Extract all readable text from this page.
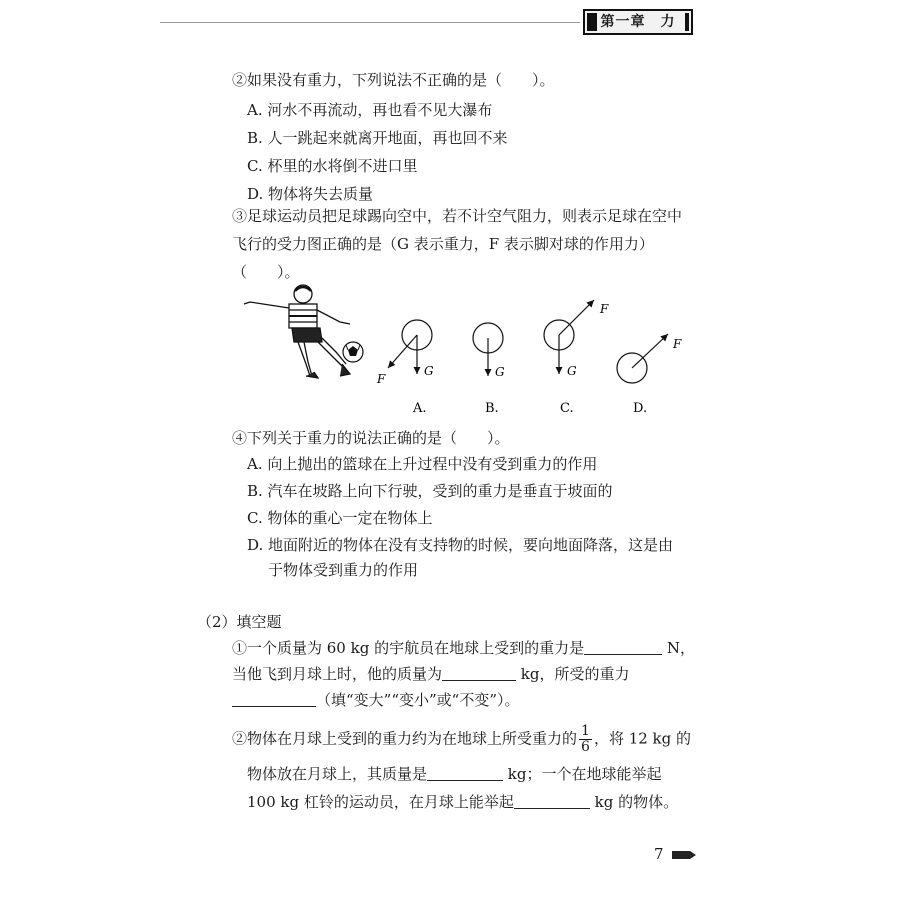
第一章　力
②如果没有重力，下列说法不正确的是（　　）。
A. 河水不再流动，再也看不见大瀑布
B. 人一跳起来就离开地面，再也回不来
C. 杯里的水将倒不进口里
D. 物体将失去质量
③足球运动员把足球踢向空中，若不计空气阻力，则表示足球在空中
飞行的受力图正确的是（G 表示重力，F 表示脚对球的作用力）
（　　）。
G
F
A.
G
B.
G
F
C.
F
D.
④下列关于重力的说法正确的是（　　）。
A. 向上抛出的篮球在上升过程中没有受到重力的作用
B. 汽车在坡路上向下行驶，受到的重力是垂直于坡面的
C. 物体的重心一定在物体上
D. 地面附近的物体在没有支持物的时候，要向地面降落，这是由
于物体受到重力的作用
（2）填空题
①一个质量为 60 kg 的宇航员在地球上受到的重力是	N，
当他飞到月球上时，他的质量为	kg，所受的重力
（填“变大”“变小”或“不变”）。
②物体在月球上受到的重力约为在地球上所受重力的 $\frac{1}{6}$ ，将 12 kg 的
物体放在月球上，其质量是	kg；一个在地球能举起
100 kg 杠铃的运动员，在月球上能举起	kg 的物体。
7
